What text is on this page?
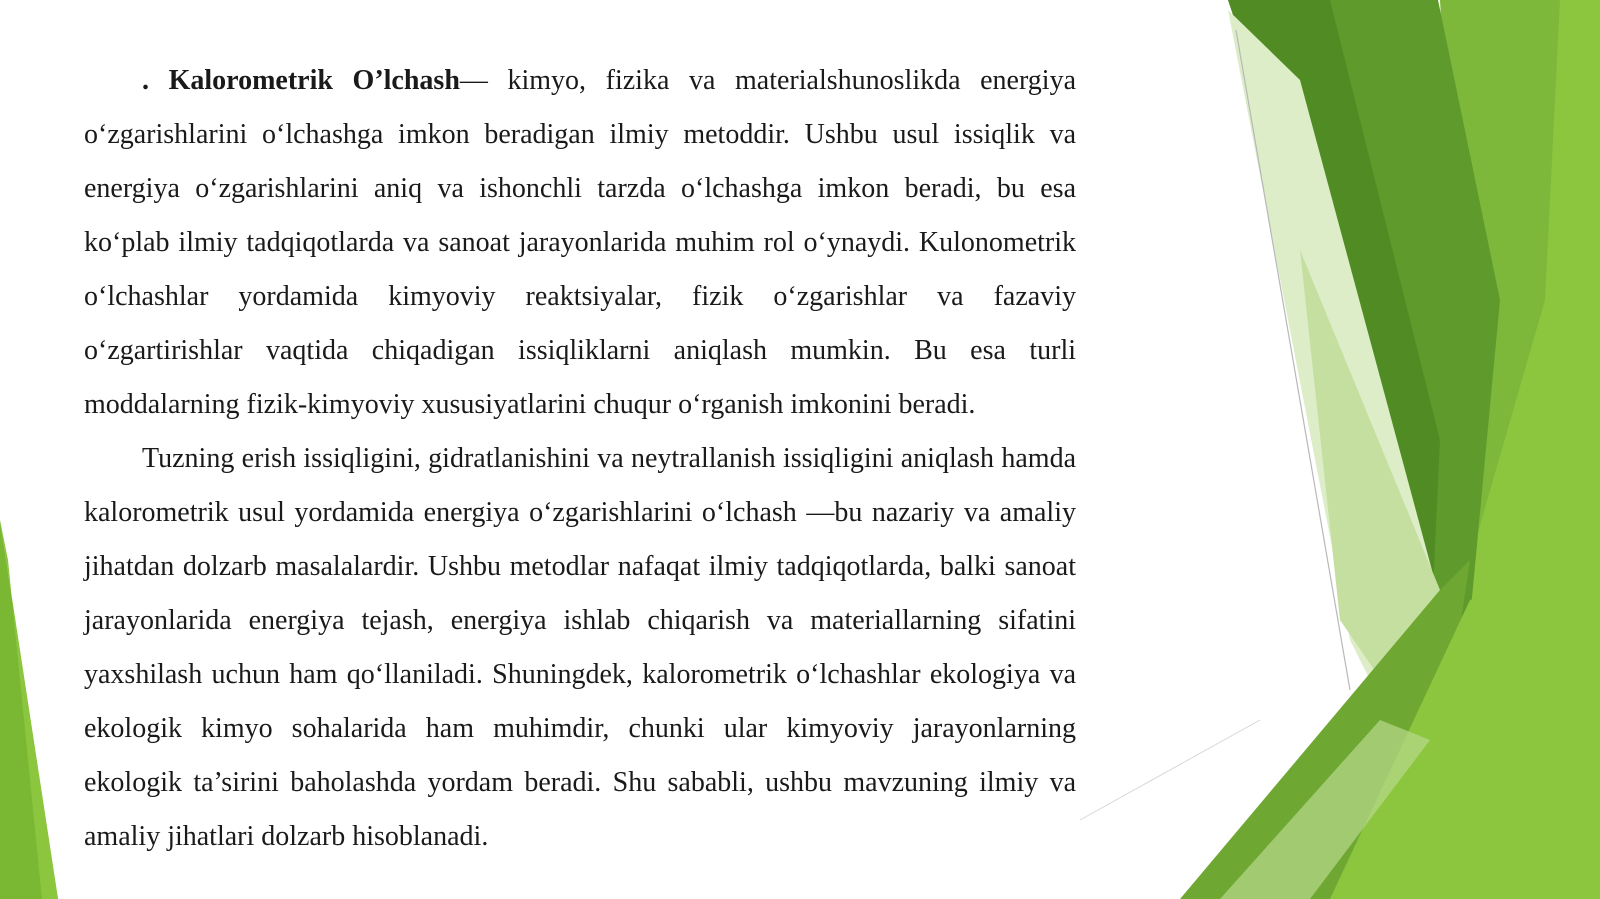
. Kalorometrik O’lchash— kimyo, fizika va materialshunoslikda energiya o‘zgarishlarini o‘lchashga imkon beradigan ilmiy metoddir. Ushbu usul issiqlik va energiya o‘zgarishlarini aniq va ishonchli tarzda o‘lchashga imkon beradi, bu esa ko‘plab ilmiy tadqiqotlarda va sanoat jarayonlarida muhim rol o‘ynaydi. Kulonometrik o‘lchashlar yordamida kimyoviy reaktsiyalar, fizik o‘zgarishlar va fazaviy o‘zgartirishlar vaqtida chiqadigan issiqliklarni aniqlash mumkin. Bu esa turli moddalarning fizik-kimyoviy xususiyatlarini chuqur o‘rganish imkonini beradi.

Tuzning erish issiqligini, gidratlanishini va neytrallanish issiqligini aniqlash hamda kalorometrik usul yordamida energiya o‘zgarishlarini o‘lchash —bu nazariy va amaliy jihatdan dolzarb masalalardir. Ushbu metodlar nafaqat ilmiy tadqiqotlarda, balki sanoat jarayonlarida energiya tejash, energiya ishlab chiqarish va materiallarning sifatini yaxshilash uchun ham qo‘llaniladi. Shuningdek, kalorometrik o‘lchashlar ekologiya va ekologik kimyo sohalarida ham muhimdir, chunki ular kimyoviy jarayonlarning ekologik ta’sirini baholashda yordam beradi. Shu sababli, ushbu mavzuning ilmiy va amaliy jihatlari dolzarb hisoblanadi.
